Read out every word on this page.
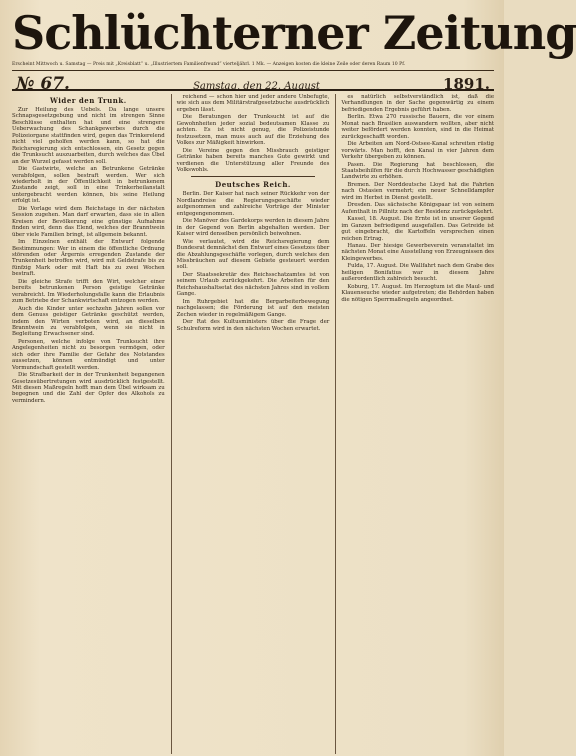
Schlüchterner Zeitung
Erscheint Mittwoch u. Samstag — Preis mit „Kreisblatt“ u. „Illustriertem Familienfreund“ vierteljährl. 1 Mk. — Anzeigen kosten die kleine Zeile oder deren Raum 10 Pf.
№ 67.	Samstag, den 22. August	1891.
Wider den Trunk.

Zur Heilung des Uebels. Da lange unsere Schnapsgesetzgebung und nicht im strengen Sinne Beschlüsse enthalten hat und eine strengere Ueberwachung des Schankgewerbes durch die Polizeiorgane stattfinden wird, gegen das Trinkerelend nicht viel geholfen werden kann, so hat die Reichsregierung sich entschlossen, ein Gesetz gegen die Trunksucht auszuarbeiten, durch welches das Übel an der Wurzel gefasst werden soll.

Die Gastwirte, welche an Betrunkene Getränke verabfolgen, sollen bestraft werden. Wer sich wiederholt in der Öffentlichkeit in betrunkenem Zustande zeigt, soll in eine Trinkerheilanstalt untergebracht werden können, bis seine Heilung erfolgt ist.

Die Vorlage wird dem Reichstage in der nächsten Session zugehen. Man darf erwarten, dass sie in allen Kreisen der Bevölkerung eine günstige Aufnahme finden wird, denn das Elend, welches der Branntwein über viele Familien bringt, ist allgemein bekannt.

Im Einzelnen enthält der Entwurf folgende Bestimmungen: Wer in einem die öffentliche Ordnung störenden oder Ärgernis erregenden Zustande der Trunkenheit betroffen wird, wird mit Geldstrafe bis zu fünfzig Mark oder mit Haft bis zu zwei Wochen bestraft.

Die gleiche Strafe trifft den Wirt, welcher einer bereits betrunkenen Person geistige Getränke verabreicht. Im Wiederholungsfalle kann die Erlaubnis zum Betriebe der Schankwirtschaft entzogen werden.

Auch die Kinder unter sechzehn Jahren sollen vor dem Genuss geistiger Getränke geschützt werden, indem den Wirten verboten wird, an dieselben Branntwein zu verabfolgen, wenn sie nicht in Begleitung Erwachsener sind.

Personen, welche infolge von Trunksucht ihre Angelegenheiten nicht zu besorgen vermögen, oder sich oder ihre Familie der Gefahr des Notstandes aussetzen, können entmündigt und unter Vormundschaft gestellt werden.

Die Strafbarkeit der in der Trunkenheit begangenen Gesetzesübertretungen wird ausdrücklich festgestellt. Mit diesen Maßregeln hofft man dem Übel wirksam zu begegnen und die Zahl der Opfer des Alkohols zu vermindern.

reichend — schon hier und jeder andere Unbefugte, wie sich aus dem Militärstrafgesetzbuche ausdrücklich ergeben lässt.

Die Beratungen der Trunksucht ist auf die Gewohnheiten jeder sozial bedeutsamen Klasse zu achten. Es ist nicht genug, die Polizeistunde festzusetzen, man muss auch auf die Erziehung des Volkes zur Mäßigkeit hinwirken.

Die Vereine gegen den Missbrauch geistiger Getränke haben bereits manches Gute gewirkt und verdienen die Unterstützung aller Freunde des Volkswohls.

Deutsches Reich.

Berlin. Der Kaiser hat nach seiner Rückkehr von der Nordlandreise die Regierungsgeschäfte wieder aufgenommen und zahlreiche Vorträge der Minister entgegengenommen.

Die Manöver des Gardekorps werden in diesem Jahre in der Gegend von Berlin abgehalten werden. Der Kaiser wird denselben persönlich beiwohnen.

Wie verlautet, wird die Reichsregierung dem Bundesrat demnächst den Entwurf eines Gesetzes über die Abzahlungsgeschäfte vorlegen, durch welches den Missbräuchen auf diesem Gebiete gesteuert werden soll.

Der Staatssekretär des Reichsschatzamtes ist von seinem Urlaub zurückgekehrt. Die Arbeiten für den Reichshaushaltsetat des nächsten Jahres sind in vollem Gange.

Im Ruhrgebiet hat die Bergarbeiterbewegung nachgelassen; die Förderung ist auf den meisten Zechen wieder in regelmäßigem Gange.

Der Rat des Kultusministers über die Frage der Schulreform wird in den nächsten Wochen erwartet.

es natürlich selbstverständlich ist, daß die Verhandlungen in der Sache gegenwärtig zu einem befriedigenden Ergebnis geführt haben.

Berlin. Etwa 270 russische Bauern, die vor einem Monat nach Brasilien auswandern wollten, aber nicht weiter befördert werden konnten, sind in die Heimat zurückgeschafft worden.

Die Arbeiten am Nord-Ostsee-Kanal schreiten rüstig vorwärts. Man hofft, den Kanal in vier Jahren dem Verkehr übergeben zu können.

Pasen. Die Regierung hat beschlossen, die Staatsbeihilfen für die durch Hochwasser geschädigten Landwirte zu erhöhen.

Bremen. Der Norddeutsche Lloyd hat die Fahrten nach Ostasien vermehrt; ein neuer Schnelldampfer wird im Herbst in Dienst gestellt.

Dresden. Das sächsische Königspaar ist von seinem Aufenthalt in Pillnitz nach der Residenz zurückgekehrt.

Kassel, 18. August. Die Ernte ist in unserer Gegend im Ganzen befriedigend ausgefallen. Das Getreide ist gut eingebracht, die Kartoffeln versprechen einen reichen Ertrag.

Hanau. Der hiesige Gewerbeverein veranstaltet im nächsten Monat eine Ausstellung von Erzeugnissen des Kleingewerbes.

Fulda, 17. August. Die Wallfahrt nach dem Grabe des heiligen Bonifatius war in diesem Jahre außerordentlich zahlreich besucht.

Koburg, 17. August. Im Herzogtum ist die Maul- und Klauenseuche wieder aufgetreten; die Behörden haben die nötigen Sperrmaßregeln angeordnet.
